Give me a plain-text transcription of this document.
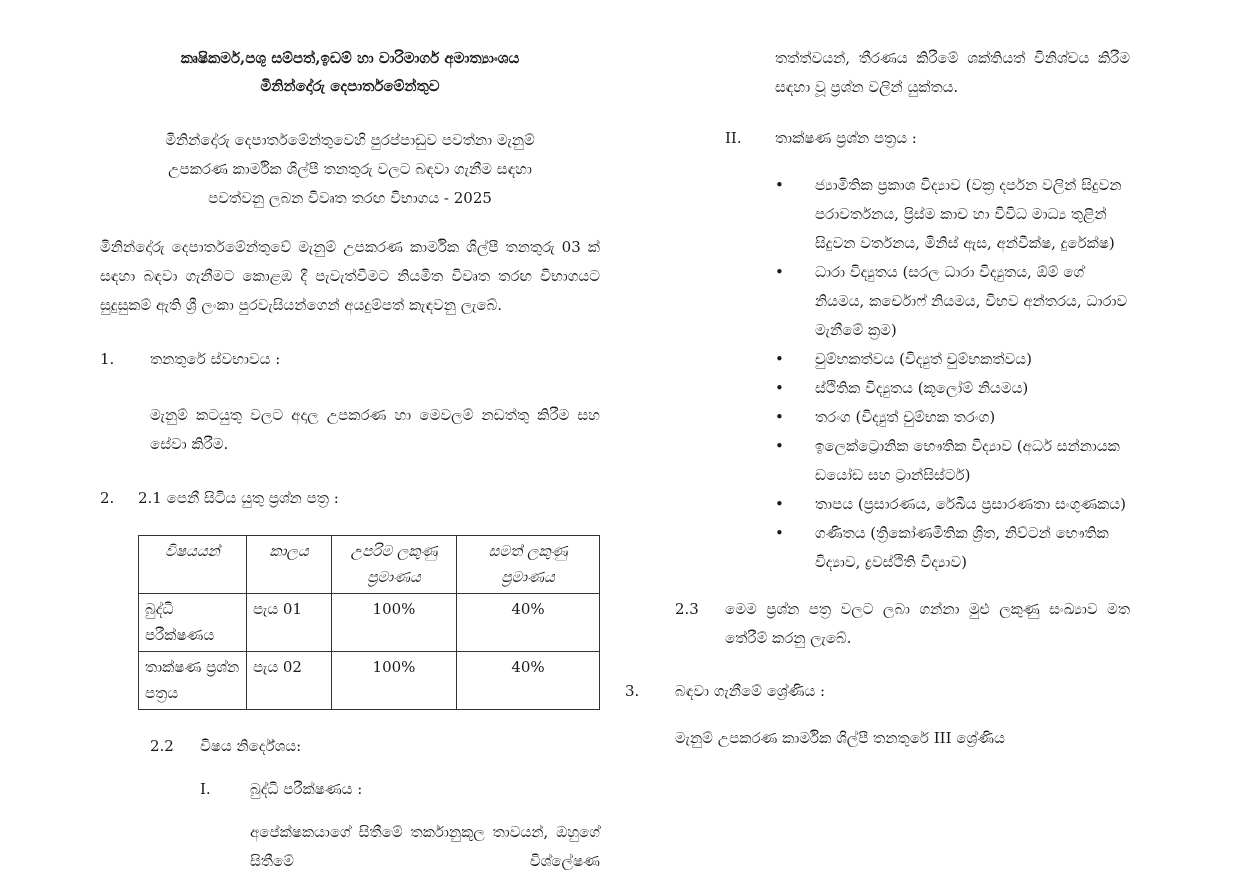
කෘෂිකර්ම,පශු සම්පත්,ඉඩම් හා වාරිමාර්ග අමාත්‍යාංශය
මිනින්දෝරු දෙපාර්තමේන්තුව
මිනින්දෝරු දෙපාර්තමේන්තුවෙහි පුරප්පාඩුව පවත්නා මැනුම්
උපකරණ කාර්මික ශිල්පී තනතුරු වලට බඳවා ගැනීම සඳහා
පවත්වනු ලබන විවෘත තරඟ විභාගය - 2025
මිනින්දෝරු දෙපාර්තමේන්තුවේ මැනුම් උපකරණ කාර්මික ශිල්පී තනතුරු 03 ක් සඳහා බඳවා ගැනීමට කොළඹ දී පැවැත්වීමට නියමිත විවෘත තරඟ විභාගයට සුදුසුකම් ඇති ශ්‍රී ලංකා පුරවැසියන්ගෙන් අයදුම්පත් කැඳවනු ලැබේ.
1.	තනතුරේ ස්වභාවය :
මැනුම් කටයුතු වලට අදාල උපකරණ හා මෙවලම් නඩත්තු කිරීම සහ සේවා කිරීම.
2.	2.1 පෙනී සිටිය යුතු ප්‍රශ්න පත්‍ර :
විෂයයන්	කාලය	උපරිම ලකුණු ප්‍රමාණය	සමත් ලකුණු ප්‍රමාණය
බුද්ධි පරීක්ෂණය	පැය 01	100%	40%
තාක්ෂණ ප්‍රශ්න පත්‍රය	පැය 02	100%	40%
2.2	විෂය නිර්දේශය:
I.	බුද්ධි පරීක්ෂණය :
අපේක්ෂකයාගේ සිතීමේ තර්කානුකූල තාවයන්, ඔහුගේ සිතීමේ විශ්ලේෂණ
තත්ත්වයන්, තීරණය කිරීමේ ශක්තියත් විනිශ්චය කිරීම සඳහා වූ ප්‍රශ්න වලින් යුක්තය.
II. තාක්ෂණ ප්‍රශ්න පත්‍රය :
• ජ්‍යාමිතික ප්‍රකාශ විද්‍යාව (වක්‍ර දර්පන වලින් සිදුවන පරාවර්තනය, ප්‍රිස්ම කාච හා විවිධ මාධ්‍ය තුළින් සිදුවන වර්තනය, මිනිස් ඇස, අන්වීක්ෂ, දුරේක්ෂ)
• ධාරා විද්‍යුතය (සරල ධාරා විද්‍යුතය, ඕම් ගේ නියමය, කර්චොෆ් නියමය, විභව අන්තරය, ධාරාව මැනීමේ ක්‍රම)
• චුම්භකත්වය (විද්‍යුත් චුම්භකත්වය)
• ස්ථිතික විද්‍යුතය (කූලෝම් නියමය)
• තරංග (විද්‍යුත් චුම්භක තරංග)
• ඉලෙක්ට්‍රොනික භෞතික විද්‍යාව (අර්ධ සන්නායක ඩයෝඩ සහ ට්‍රාන්සිස්ටර්)
• තාපය (ප්‍රසාරණය, රේඛීය ප්‍රසාරණතා සංගුණකය)
• ගණිතය (ත්‍රිකෝණමිතික ශ්‍රිත, නිව්ටන් භෞතික විද්‍යාව, ද්‍රවස්ථිති විද්‍යාව)
2.3	මෙම ප්‍රශ්න පත්‍ර වලට ලබා ගන්නා මුළු ලකුණු සංඛ්‍යාව මත තේරීම් කරනු ලැබේ.
3.	බඳවා ගැනීමේ ශ්‍රේණිය :
මැනුම් උපකරණ කාර්මික ශිල්පී තනතුරේ III ශ්‍රේණිය
